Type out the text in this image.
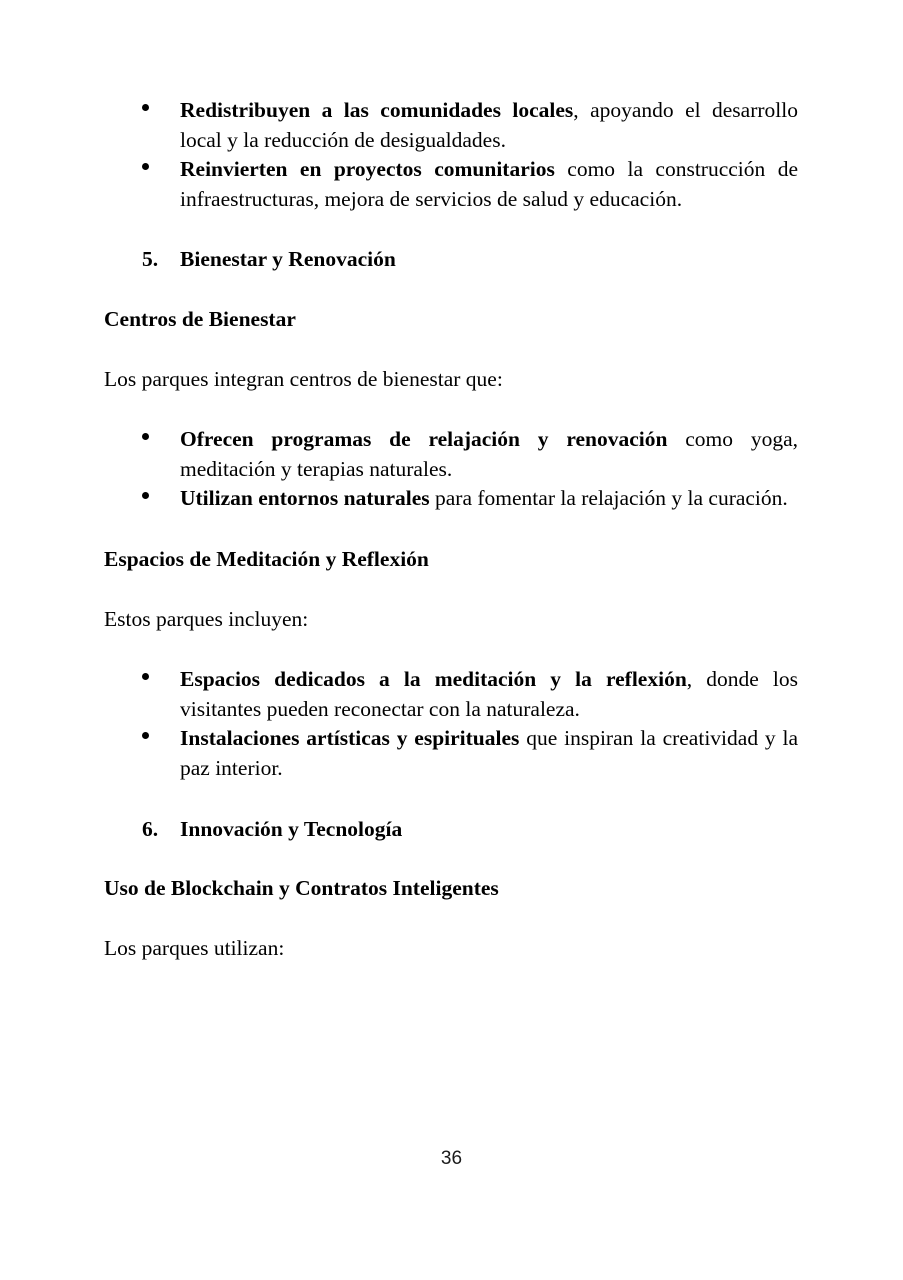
Redistribuyen a las comunidades locales, apoyando el desarrollo local y la reducción de desigualdades.
Reinvierten en proyectos comunitarios como la construcción de infraestructuras, mejora de servicios de salud y educación.
5. Bienestar y Renovación
Centros de Bienestar
Los parques integran centros de bienestar que:
Ofrecen programas de relajación y renovación como yoga, meditación y terapias naturales.
Utilizan entornos naturales para fomentar la relajación y la curación.
Espacios de Meditación y Reflexión
Estos parques incluyen:
Espacios dedicados a la meditación y la reflexión, donde los visitantes pueden reconectar con la naturaleza.
Instalaciones artísticas y espirituales que inspiran la creatividad y la paz interior.
6. Innovación y Tecnología
Uso de Blockchain y Contratos Inteligentes
Los parques utilizan:
36
